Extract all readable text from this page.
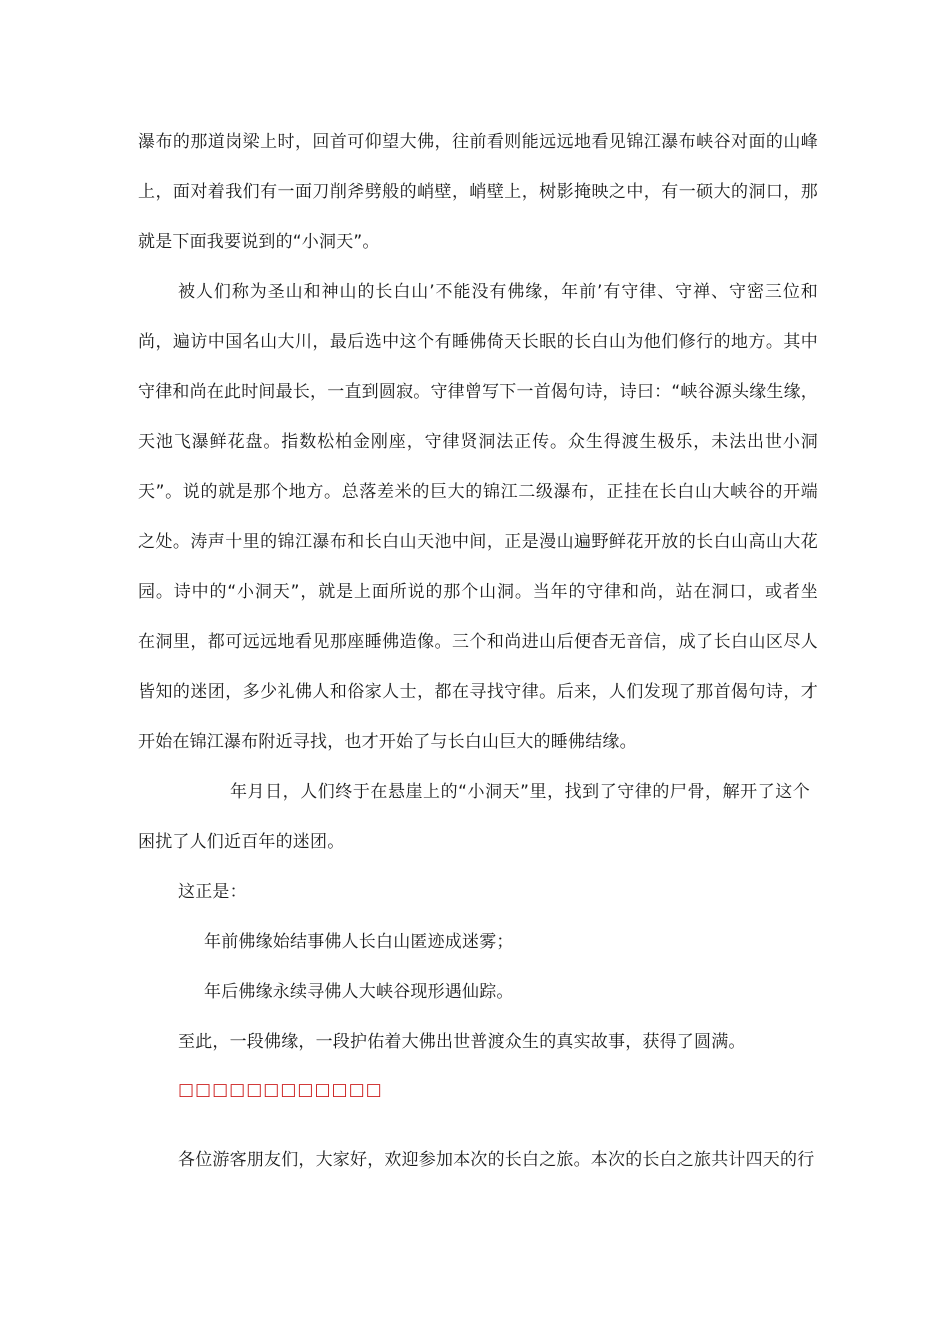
瀑布的那道岗梁上时，回首可仰望大佛，往前看则能远远地看见锦江瀑布峡谷对面的山峰
上，面对着我们有一面刀削斧劈般的峭壁，峭壁上，树影掩映之中，有一硕大的洞口，那
就是下面我要说到的“小洞天”。
被人们称为圣山和神山的长白山’不能没有佛缘，年前’有守律、守禅、守密三位和
尚，遍访中国名山大川，最后选中这个有睡佛倚天长眠的长白山为他们修行的地方。其中
守律和尚在此时间最长，一直到圆寂。守律曾写下一首偈句诗，诗曰：“峡谷源头缘生缘，
天池飞瀑鲜花盘。指数松柏金刚座，守律贤洞法正传。众生得渡生极乐，未法出世小洞
天”。说的就是那个地方。总落差米的巨大的锦江二级瀑布，正挂在长白山大峡谷的开端
之处。涛声十里的锦江瀑布和长白山天池中间，正是漫山遍野鲜花开放的长白山高山大花
园。诗中的“小洞天”，就是上面所说的那个山洞。当年的守律和尚，站在洞口，或者坐
在洞里，都可远远地看见那座睡佛造像。三个和尚进山后便杳无音信，成了长白山区尽人
皆知的迷团，多少礼佛人和俗家人士，都在寻找守律。后来，人们发现了那首偈句诗，才
开始在锦江瀑布附近寻找，也才开始了与长白山巨大的睡佛结缘。
年月日，人们终于在悬崖上的“小洞天”里，找到了守律的尸骨，解开了这个
困扰了人们近百年的迷团。
这正是：
年前佛缘始结事佛人长白山匿迹成迷雾；
年后佛缘永续寻佛人大峡谷现形遇仙踪。
至此，一段佛缘，一段护佑着大佛出世普渡众生的真实故事，获得了圆满。
□□□□□□□□□□□□
各位游客朋友们，大家好，欢迎参加本次的长白之旅。本次的长白之旅共计四天的行
